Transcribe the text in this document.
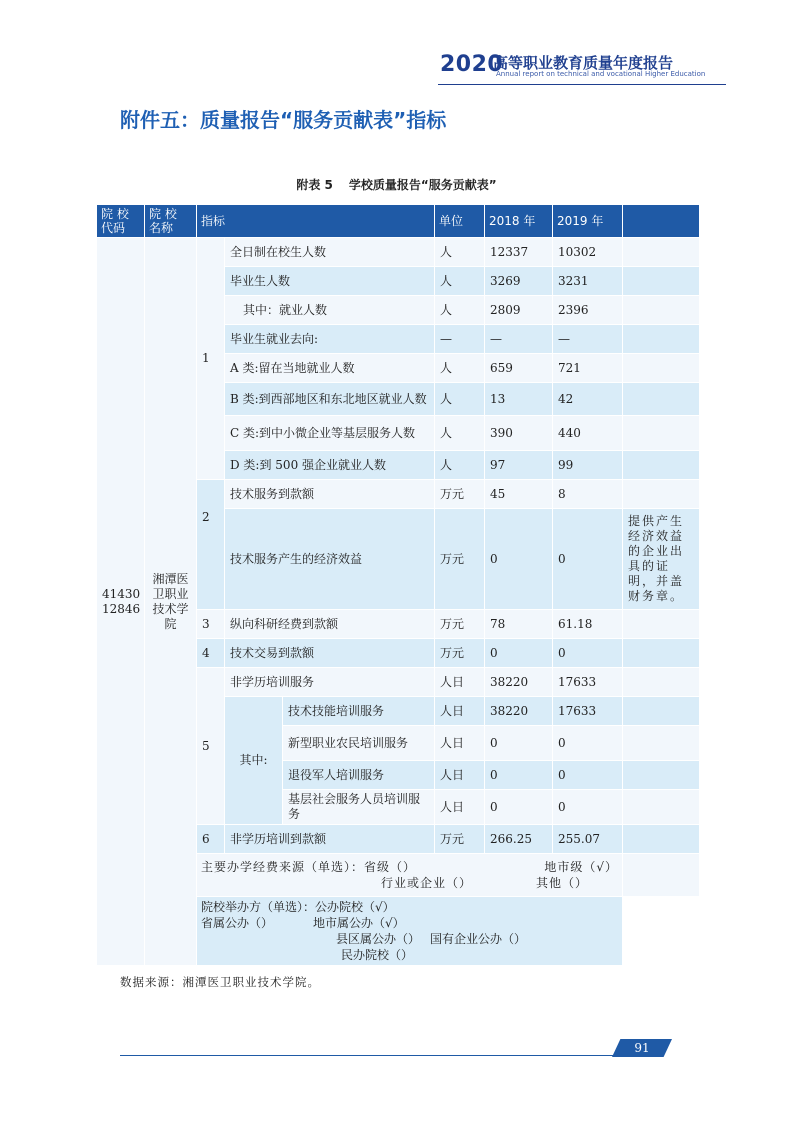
2020
高等职业教育质量年度报告
Annual report on technical and vocational Higher Education
附件五：质量报告“服务贡献表”指标
附表 5 学校质量报告“服务贡献表”
院 校 代码	院 校 名称	指标			单位	2018 年	2019 年	
41430 12846	湘潭医卫职业技术学院	1	全日制在校生人数		人	12337	10302	
			毕业生人数		人	3269	3231	
			其中：就业人数		人	2809	2396	
			毕业生就业去向:		—	—	—	
			A 类:留在当地就业人数		人	659	721	
			B 类:到西部地区和东北地区就业人数		人	13	42	
			C 类:到中小微企业等基层服务人数		人	390	440	
			D 类:到 500 强企业就业人数		人	97	99	
		2	技术服务到款额		万元	45	8	
			技术服务产生的经济效益		万元	0	0	提供产生经济效益的企业出具的证明，并盖财务章。
		3	纵向科研经费到款额		万元	78	61.18	
		4	技术交易到款额		万元	0	0	
		5	非学历培训服务		人日	38220	17633	
			其中:	技术技能培训服务	人日	38220	17633	
				新型职业农民培训服务	人日	0	0	
				退役军人培训服务	人日	0	0	
				基层社会服务人员培训服务	人日	0	0	
		6	非学历培训到款额		万元	266.25	255.07	

		主要办学经费来源（单选）：省级（） 地市级（√）
行业或企业（） 其他（）						

		院校举办方（单选）：公办院校（√）
省属公办（） 地市属公办（√）
县区属公办（） 国有企业公办（）
民办院校（）						

数据来源：湘潭医卫职业技术学院。
91
